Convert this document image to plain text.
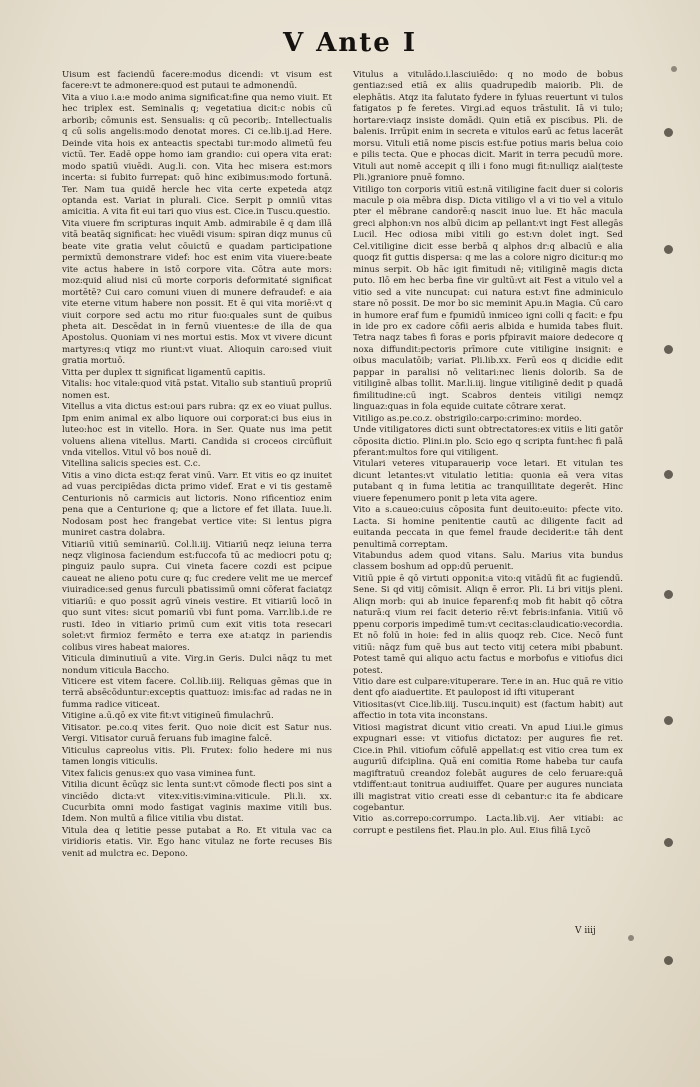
V Ante I

Uisum est faciendū facere:modus dicendi: vt visum est facere:vt te admonere:quod est putaui te admonendū.

Vita a viuo i.a:e modo anima significat:fine qua nemo viuit. Et hec triplex est. Seminalis q; vegetatiua dicit:c nobis cū arborib; cōmunis est. Sensualis: q cū pecorib;. Intellectualis q cū solis angelis:modo denotat mores. Ci ce.lib.ij.ad Here. Deinde vita hois ex anteactis spectabi tur:modo alimetū feu victū. Ter. Eadē oppe homo iam grandio: cui opera vita erat: modo spatiū viuēdi. Aug.li. con. Vita hec misera est:mors incerta: si fubito furrepat: quō hinc exibimus:modo fortunā. Ter. Nam tua quidē hercle hec vita certe expeteda atqz optanda est. Variat in plurali. Cice. Serpit p omniū vitas amicitia. A vita fit eui tari quo vius est. Cice.in Tuscu.questio.

Vita viuere fm scripturas inquit Amb. admirabile ē q dam illā vitā beatāq significat: hec viuēdi visum: spiran diqz munus cū beate vite gratia velut cōuictū e quadam participatione permixtū demonstrare videf: hoc est enim vita viuere:beate vite actus habere in istō corpore vita. Cōtra aute mors: moz:quid aliud nisi cū morte corporis deformitaté significat mortētē? Cui caro comuni viuen di munere defraudef: e aia vite eterne vitum habere non possit. Et ē qui vita moriē:vt q viuit corpore sed actu mo ritur fuo:quales sunt de quibus pheta ait. Descēdat in in fernū viuentes:e de illa de qua Apostolus. Quoniam vi nes mortui estis. Mox vt vivere dicunt martyres:q vtiqz mo riunt:vt viuat. Alioquin caro:sed viuit gratia mortuō.

Vitta per duplex tt significat ligamentū capitis.

Vitalis: hoc vitale:quod vitā pstat. Vitalio sub stantiuū propriū nomen est.

Vitellus a vita dictus est:oui pars rubra: qz ex eo viuat pullus. Ipm enim animal ex albo liquore oui corporat:ci bus eius in luteo:hoc est in vitello. Hora. in Ser. Quate nus ima petit voluens aliena vitellus. Marti. Candida si croceos circūfluit vnda vitellos. Vitul vō bos nouē di.

Vitellina salicis species est. C.c.

Vitis a vino dicta est:qz ferat vinū. Varr. Et vitis eo qz inuitet ad vuas percipiēdas dicta primo videf. Erat e vi tis gestamē Centurionis nō carmicis aut lictoris. Nono rificentioz enim pena que a Centurione q; que a lictore ef fet illata. Iuue.li. Nodosam post hec frangebat vertice vite: Si lentus pigra muniret castra dolabra.

Vitiariū vitiū seminariū. Col.li.iij. Vitiariū neqz ieiuna terra neqz vliginosa faciendum est:fuccofa tū ac mediocri potu q; pinguiz paulo supra. Cui vineta facere cozdi est pcipue caueat ne alieno potu cure q; fuc credere velit me ue mercef viuiradice:sed genus furculi pbatissimū omni cōferat faciatqz vitiariū: e quo possit agrū vineis vestire. Et vitiariū locō in quo sunt vites: sicut pomariū vbi funt poma. Varr.lib.i.de re rusti. Ideo in vitiario primū cum exit vitis tota resecari solet:vt firmioz fermēto e terra exe at:atqz in pariendis colibus vires habeat maiores.

Viticula diminutiuū a vite. Virg.in Geris. Dulci nāqz tu met nondum viticula Baccho.

Viticere est vitem facere. Col.lib.iiij. Reliquas gēmas que in terrā absēcōduntur:exceptis quattuoz: imis:fac ad radas ne in fumma radice viticeat.

Vitigine a.ū.qō ex vite fit:vt vitigineū fimulachrū.

Vitisator. pe.co.q vites ferit. Quo noie dicit est Satur nus. Vergi. Vitisator curuā feruans fub imagine falcē.

Viticulus capreolus vitis. Pli. Frutex: folio hedere mi nus tamen longis viticulis.

Vitex falicis genus:ex quo vasa viminea funt.

Vitilia dicunt ēcūqz sic lenta sunt:vt cōmode flecti pos sint a vinciēdo dicta:vt vitex:vitis:vimina:viticule. Pli.li. xx. Cucurbita omni modo fastigat vaginis maxime vitili bus. Idem. Non multū a filice vitilia vbu distat.

Vitula dea q letitie pesse putabat a Ro. Et vitula vac ca viridioris etatis. Vir. Ego hanc vitulaz ne forte recuses Bis venit ad mulctra ec. Depono.

Vitulus a vitulādo.i.lasciuiēdo: q no modo de bobus gentiaz:sed etiā ex aliis quadrupedib maiorib. Pli. de elephātis. Atqz ita falutato fydere in fyluas reuertunt vi tulos fatigatos p fe feretes. Virgi.ad equos trāstulit. Iā vi tulo; hortare:viaqz insiste domādi. Quin etiā ex piscibus. Pli. de balenis. Irrūpit enim in secreta e vitulos earū ac fetus lacerāt morsu. Vituli etiā nome piscis est:fue potius maris belua coio e pilis tecta. Que e phocas dicit. Marit in terra pecudū more. Vituli aut nomē accepit q illi i fono mugi fit:nulliqz aial(teste Pli.)graniore pnuē fomno.

Vitiligo ton corporis vitiū est:nā vitiligine facit duer si coloris macule p oia mēbra disp. Dicta vitiligo vl a vi tio vel a vitulo pter el mēbrane candorē:q nascit inuo lue. Et hāc macula greci alphon:vn nos albū dicim ap pellant:vt ingt Fest allegās Lucil. Hec odiosa mibi vitili go est:vn dolet ingt. Sed Cel.vitiligine dicit esse berbā q alphos dr:q albaciū e alia quoqz fit guttis dispersa: q me las a colore nigro dicitur:q mo minus serpit. Ob hāc igit fimitudi nē; vitiliginē magis dicta puto. Ilō em hec berba fine vir gultū:vt ait Fest a vitulo vel a vitio sed a vite nuncupat: cui natura est:vt fine adminiculo stare nō possit. De mor bo sic meminit Apu.in Magia. Cū caro in humore eraf fum e fpumidū inmiceo igni colli q facit: e fpu in ide pro ex cadore cōfii aeris albida e humida tabes fluit. Tetra naqz tabes fi foras e poris pfpiravit maiore dedecore q noxa diffundit:pectoris prīmore cute vitiligine insignit: e oibus maculatōib; variat. Pli.lib.xx. Ferū eos q dicidie edit pappar in paralisi nō velitari:nec lienis dolorib. Sa de vitiliginē albas tollit. Mar.li.iij. lingue vitiliginē dedit p quadā fimilitudine:cū ingt. Scabros denteis vitiligi nemqz linguaz:quas in fola equide cuitate cōtrare xerat.

Vitiligo as.pe.co.z. obstrigilo:carpo:crimino: mordeo.

Unde vitiligatores dicti sunt obtrectatores:ex vitiis e liti gatōr cōposita dictio. Plini.in plo. Scio ego q scripta funt:hec fi palā pferant:multos fore qui vitiligent.

Vitulari veteres vituparauerip voce letari. Et vitulan tes dicunt letantes:vt vitulatio letitia: quonia eā vera vitas putabant q in fuma letitia ac tranquillitate degerēt. Hinc viuere fepenumero ponit p leta vita agere.

Vito a s.caueo:cuius cōposita funt deuito:euito: pfecte vito. Lacta. Si homine penitentie cautū ac diligente facit ad euitanda peccata in que femel fraude deciderit:e tāh dent penultimā correptam.

Vitabundus adem quod vitans. Salu. Marius vita bundus classem boshum ad opp:dū peruenit.

Vitiū ppie ē qō virtuti opponit:a vito:q vitādū fit ac fugiendū. Sene. Si qd vitij cōmisit. Aliqn ē error. Pli. Li bri vitijs pleni. Aliqn morb: qui ab inuice feparenf:q mob fit habit qō cōtra naturā:q vium rei facit deterio rē:vt febris:infania. Vitiū vō ppenu corporis impedimē tum:vt cecitas:claudicatio:vecordia. Et nō folū in hoie: fed in aliis quoqz reb. Cice. Necō funt vitiū: nāqz fum quē bus aut tecto vitij cetera mibi pbabunt. Potest tamē qui aliquo actu factus e morbofus e vitiofus dici potest.

Vitio dare est culpare:vituperare. Ter.e in an. Huc quā re vitio dent qfo aiaduertite. Et paulopost id ifti vituperant

Vitiositas(vt Cice.lib.iiij. Tuscu.inquit) est (factum habit) aut affectio in tota vita inconstans.

Vitiosi magistrat dicunt vitio creati. Vn apud Liui.le gimus expugnari esse: vt vitiofus dictatoz: per augures fie ret. Cice.in Phil. vitiofum cōfulē appellat:q est vitio crea tum ex auguriū difciplina. Quā eni comitia Rome habeba tur caufa magiftratuū creandoz folebāt augures de celo feruare:quā vtdiffent:aut tonitrua audiuiffet. Quare per augures nunciata illi magistrat vitio creati esse di cebantur:c ita fe abdicare cogebantur.

Vitio as.correpo:corrumpo. Lacta.lib.vij. Aer vitiabi: ac corrupt e pestilens fiet. Plau.in plo. Aul. Eius filiā Lycō

V iiij
